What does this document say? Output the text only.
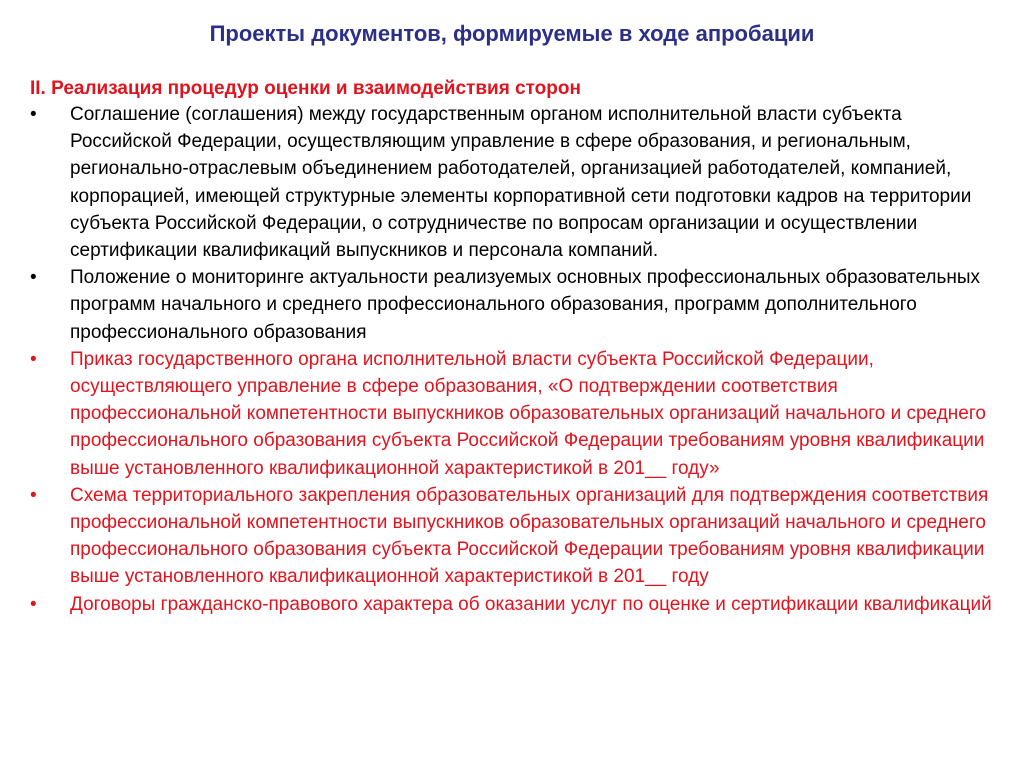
Проекты документов, формируемые в ходе апробации
II. Реализация процедур оценки и взаимодействия сторон
•	Соглашение (соглашения) между государственным органом исполнительной власти субъекта Российской Федерации, осуществляющим управление в сфере образования, и региональным, регионально-отраслевым объединением работодателей, организацией работодателей, компанией, корпорацией, имеющей структурные элементы корпоративной сети подготовки кадров на территории субъекта Российской Федерации, о сотрудничестве по вопросам организации и осуществлении сертификации квалификаций выпускников и персонала компаний.
•	Положение о мониторинге актуальности реализуемых основных профессиональных образовательных программ начального и среднего профессионального образования, программ дополнительного профессионального образования
•	Приказ государственного органа исполнительной власти субъекта Российской Федерации, осуществляющего управление в сфере образования, «О подтверждении соответствия профессиональной компетентности выпускников образовательных организаций начального и среднего профессионального образования субъекта Российской Федерации требованиям уровня квалификации выше установленного квалификационной характеристикой в 201__ году»
•	Схема территориального закрепления образовательных организаций для подтверждения соответствия профессиональной компетентности выпускников образовательных организаций начального и среднего профессионального образования субъекта Российской Федерации требованиям уровня квалификации выше установленного квалификационной характеристикой в 201__ году
•	Договоры гражданско-правового характера об оказании услуг по оценке и сертификации квалификаций
